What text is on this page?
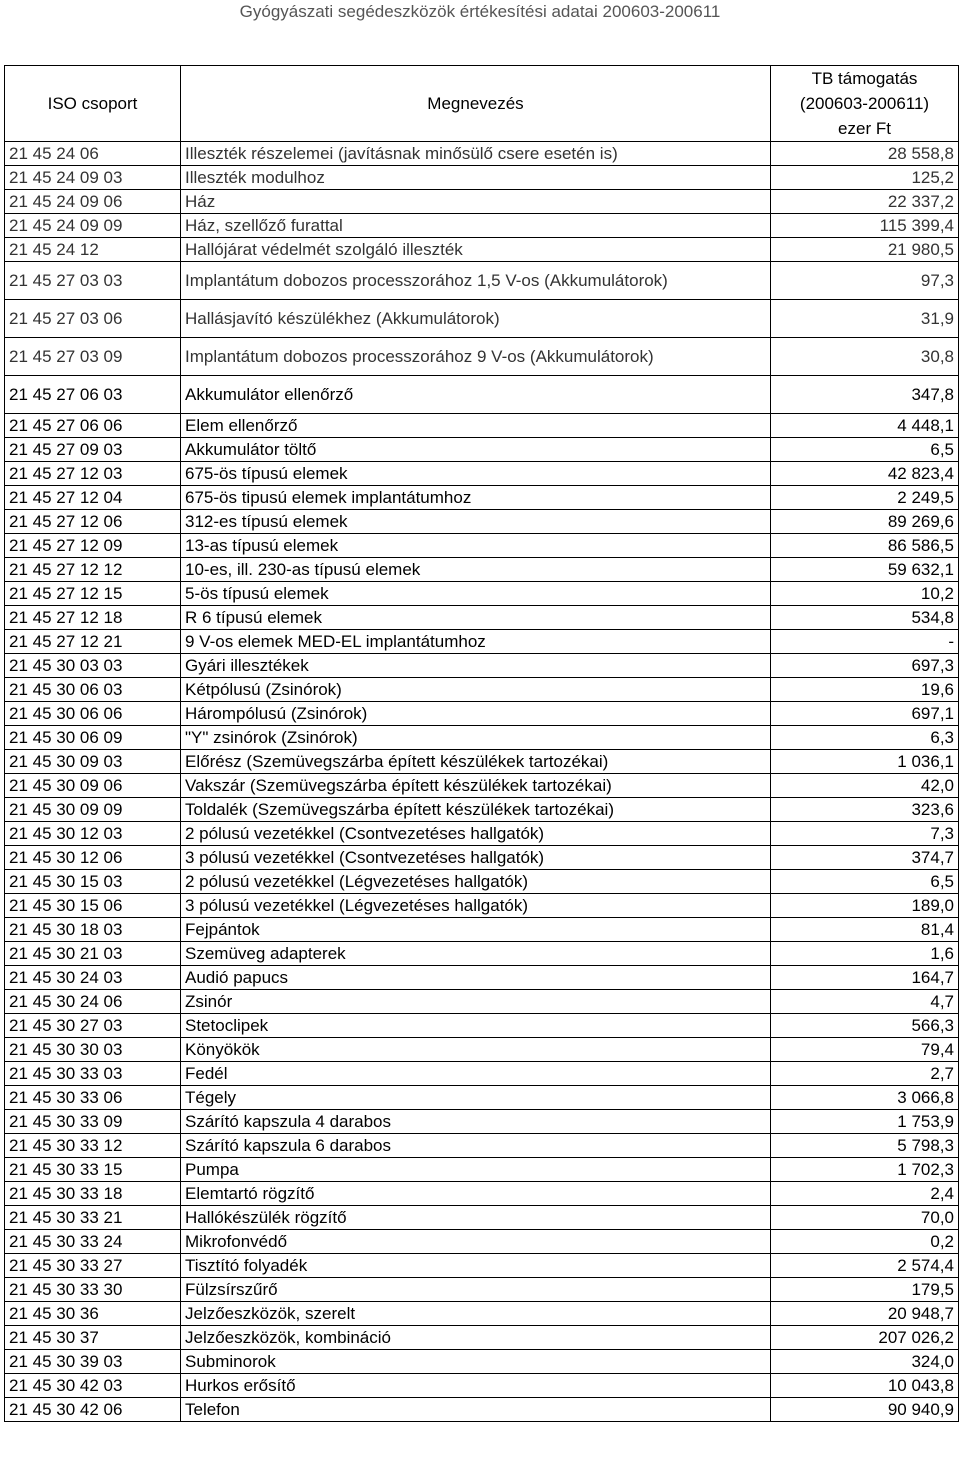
Gyógyászati segédeszközök értékesítési adatai 200603-200611
ISO csoport	Megnevezés	TB támogatás
(200603-200611)
ezer Ft

21 45 24 06	Illeszték részelemei (javításnak minősülő csere esetén is)	28 558,8
21 45 24 09 03	Illeszték modulhoz	125,2
21 45 24 09 06	Ház	22 337,2
21 45 24 09 09	Ház, szellőző furattal	115 399,4
21 45 24 12	Hallójárat védelmét szolgáló illeszték	21 980,5
21 45 27 03 03	Implantátum dobozos processzorához 1,5 V-os (Akkumulátorok)	97,3
21 45 27 03 06	Hallásjavító készülékhez (Akkumulátorok)	31,9
21 45 27 03 09	Implantátum dobozos processzorához 9 V-os (Akkumulátorok)	30,8
21 45 27 06 03	Akkumulátor ellenőrző	347,8
21 45 27 06 06	Elem ellenőrző	4 448,1
21 45 27 09 03	Akkumulátor töltő	6,5
21 45 27 12 03	675-ös típusú elemek	42 823,4
21 45 27 12 04	675-ös tipusú elemek implantátumhoz	2 249,5
21 45 27 12 06	312-es típusú elemek	89 269,6
21 45 27 12 09	13-as típusú elemek	86 586,5
21 45 27 12 12	10-es, ill. 230-as típusú elemek	59 632,1
21 45 27 12 15	5-ös típusú elemek	10,2
21 45 27 12 18	R 6 típusú elemek	534,8
21 45 27 12 21	9 V-os elemek MED-EL implantátumhoz	-
21 45 30 03 03	Gyári illesztékek	697,3
21 45 30 06 03	Kétpólusú (Zsinórok)	19,6
21 45 30 06 06	Hárompólusú (Zsinórok)	697,1
21 45 30 06 09	"Y" zsinórok (Zsinórok)	6,3
21 45 30 09 03	Előrész (Szemüvegszárba épített készülékek tartozékai)	1 036,1
21 45 30 09 06	Vakszár (Szemüvegszárba épített készülékek tartozékai)	42,0
21 45 30 09 09	Toldalék (Szemüvegszárba épített készülékek tartozékai)	323,6
21 45 30 12 03	2 pólusú vezetékkel (Csontvezetéses hallgatók)	7,3
21 45 30 12 06	3 pólusú vezetékkel (Csontvezetéses hallgatók)	374,7
21 45 30 15 03	2 pólusú vezetékkel (Légvezetéses hallgatók)	6,5
21 45 30 15 06	3 pólusú vezetékkel (Légvezetéses hallgatók)	189,0
21 45 30 18 03	Fejpántok	81,4
21 45 30 21 03	Szemüveg adapterek	1,6
21 45 30 24 03	Audió papucs	164,7
21 45 30 24 06	Zsinór	4,7
21 45 30 27 03	Stetoclipek	566,3
21 45 30 30 03	Könyökök	79,4
21 45 30 33 03	Fedél	2,7
21 45 30 33 06	Tégely	3 066,8
21 45 30 33 09	Szárító kapszula 4 darabos	1 753,9
21 45 30 33 12	Szárító kapszula 6 darabos	5 798,3
21 45 30 33 15	Pumpa	1 702,3
21 45 30 33 18	Elemtartó rögzítő	2,4
21 45 30 33 21	Hallókészülék rögzítő	70,0
21 45 30 33 24	Mikrofonvédő	0,2
21 45 30 33 27	Tisztító folyadék	2 574,4
21 45 30 33 30	Fülzsírszűrő	179,5
21 45 30 36	Jelzőeszközök, szerelt	20 948,7
21 45 30 37	Jelzőeszközök, kombináció	207 026,2
21 45 30 39 03	Subminorok	324,0
21 45 30 42 03	Hurkos erősítő	10 043,8
21 45 30 42 06	Telefon	90 940,9
